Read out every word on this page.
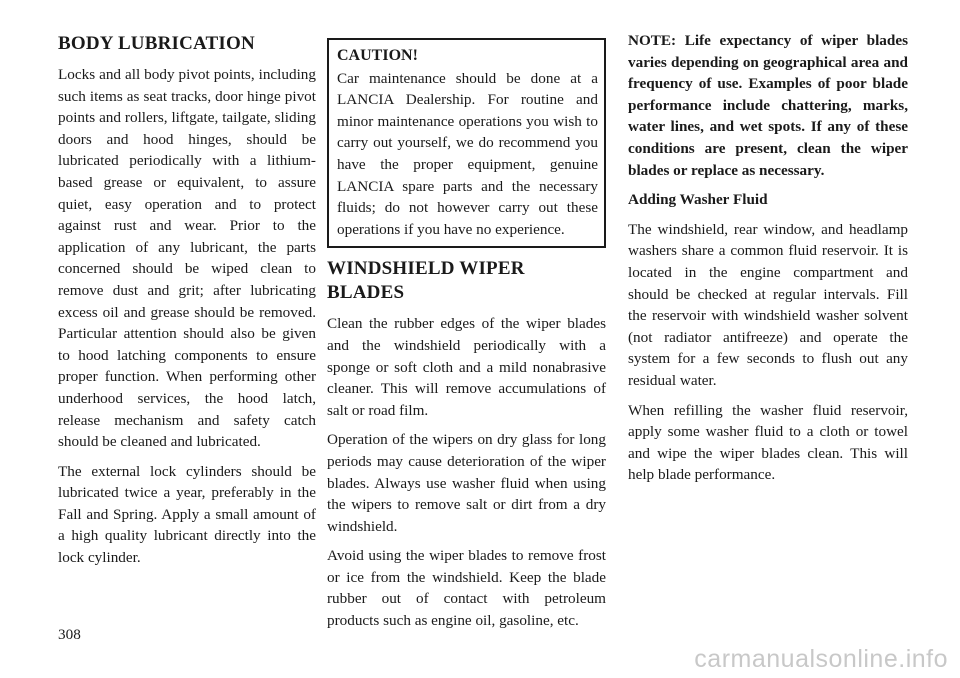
BODY LUBRICATION

Locks and all body pivot points, including such items as seat tracks, door hinge pivot points and rollers, liftgate, tailgate, sliding doors and hood hinges, should be lubricated periodically with a lithium-based grease or equivalent, to assure quiet, easy operation and to protect against rust and wear. Prior to the application of any lubricant, the parts concerned should be wiped clean to remove dust and grit; after lubricating excess oil and grease should be removed. Particular attention should also be given to hood latching components to ensure proper function. When performing other underhood services, the hood latch, release mechanism and safety catch should be cleaned and lubricated.

The external lock cylinders should be lubricated twice a year, preferably in the Fall and Spring. Apply a small amount of a high quality lubricant directly into the lock cylinder.

CAUTION!

Car maintenance should be done at a LANCIA Dealership. For routine and minor maintenance operations you wish to carry out yourself, we do recommend you have the proper equipment, genuine LANCIA spare parts and the necessary fluids; do not however carry out these operations if you have no experience.

WINDSHIELD WIPER BLADES

Clean the rubber edges of the wiper blades and the windshield periodically with a sponge or soft cloth and a mild nonabrasive cleaner. This will remove accumulations of salt or road film.

Operation of the wipers on dry glass for long periods may cause deterioration of the wiper blades. Always use washer fluid when using the wipers to remove salt or dirt from a dry windshield.

Avoid using the wiper blades to remove frost or ice from the windshield. Keep the blade rubber out of contact with petroleum products such as engine oil, gasoline, etc.

NOTE: Life expectancy of wiper blades varies depending on geographical area and frequency of use. Examples of poor blade performance include chattering, marks, water lines, and wet spots. If any of these conditions are present, clean the wiper blades or replace as necessary.

Adding Washer Fluid

The windshield, rear window, and headlamp washers share a common fluid reservoir. It is located in the engine compartment and should be checked at regular intervals. Fill the reservoir with windshield washer solvent (not radiator antifreeze) and operate the system for a few seconds to flush out any residual water.

When refilling the washer fluid reservoir, apply some washer fluid to a cloth or towel and wipe the wiper blades clean. This will help blade performance.

308
carmanualsonline.info
